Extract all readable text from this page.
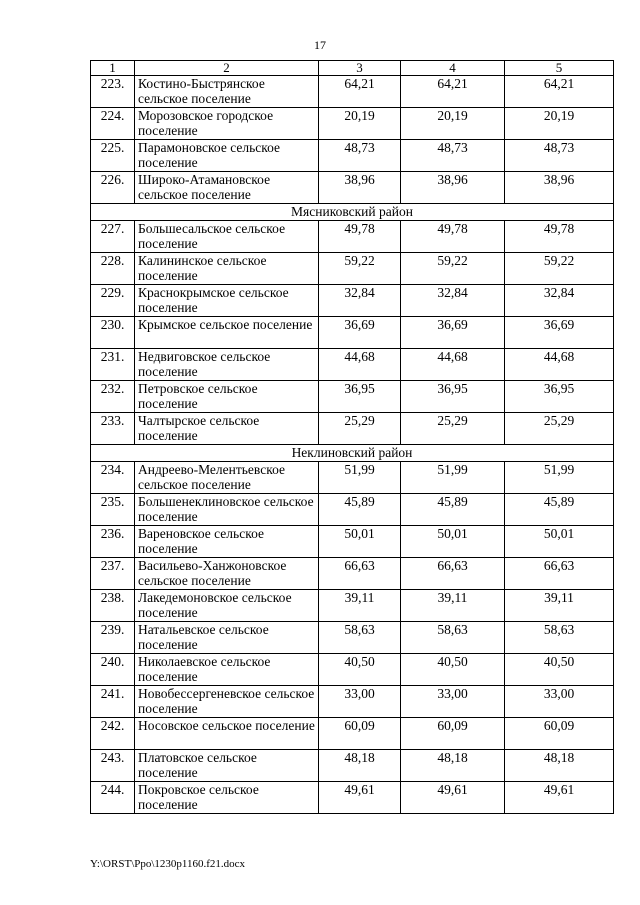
17
1	2	3	4	5
223.	Костино-Быстрянское сельское поселение	64,21	64,21	64,21
224.	Морозовское городское поселение	20,19	20,19	20,19
225.	Парамоновское сельское поселение	48,73	48,73	48,73
226.	Широко-Атамановское сельское поселение	38,96	38,96	38,96
Мясниковский район				
227.	Большесальское сельское поселение	49,78	49,78	49,78
228.	Калининское сельское поселение	59,22	59,22	59,22
229.	Краснокрымское сельское поселение	32,84	32,84	32,84
230.	Крымское сельское поселение	36,69	36,69	36,69
231.	Недвиговское сельское поселение	44,68	44,68	44,68
232.	Петровское сельское поселение	36,95	36,95	36,95
233.	Чалтырское сельское поселение	25,29	25,29	25,29
Неклиновский район				
234.	Андреево-Мелентьевское сельское поселение	51,99	51,99	51,99
235.	Большенеклиновское сельское поселение	45,89	45,89	45,89
236.	Вареновское сельское поселение	50,01	50,01	50,01
237.	Васильево-Ханжоновское сельское поселение	66,63	66,63	66,63
238.	Лакедемоновское сельское поселение	39,11	39,11	39,11
239.	Натальевское сельское поселение	58,63	58,63	58,63
240.	Николаевское сельское поселение	40,50	40,50	40,50
241.	Новобессергеневское сельское поселение	33,00	33,00	33,00
242.	Носовское сельское поселение	60,09	60,09	60,09
243.	Платовское сельское поселение	48,18	48,18	48,18
244.	Покровское сельское поселение	49,61	49,61	49,61
Y:\ORST\Ppo\1230p1160.f21.docx
